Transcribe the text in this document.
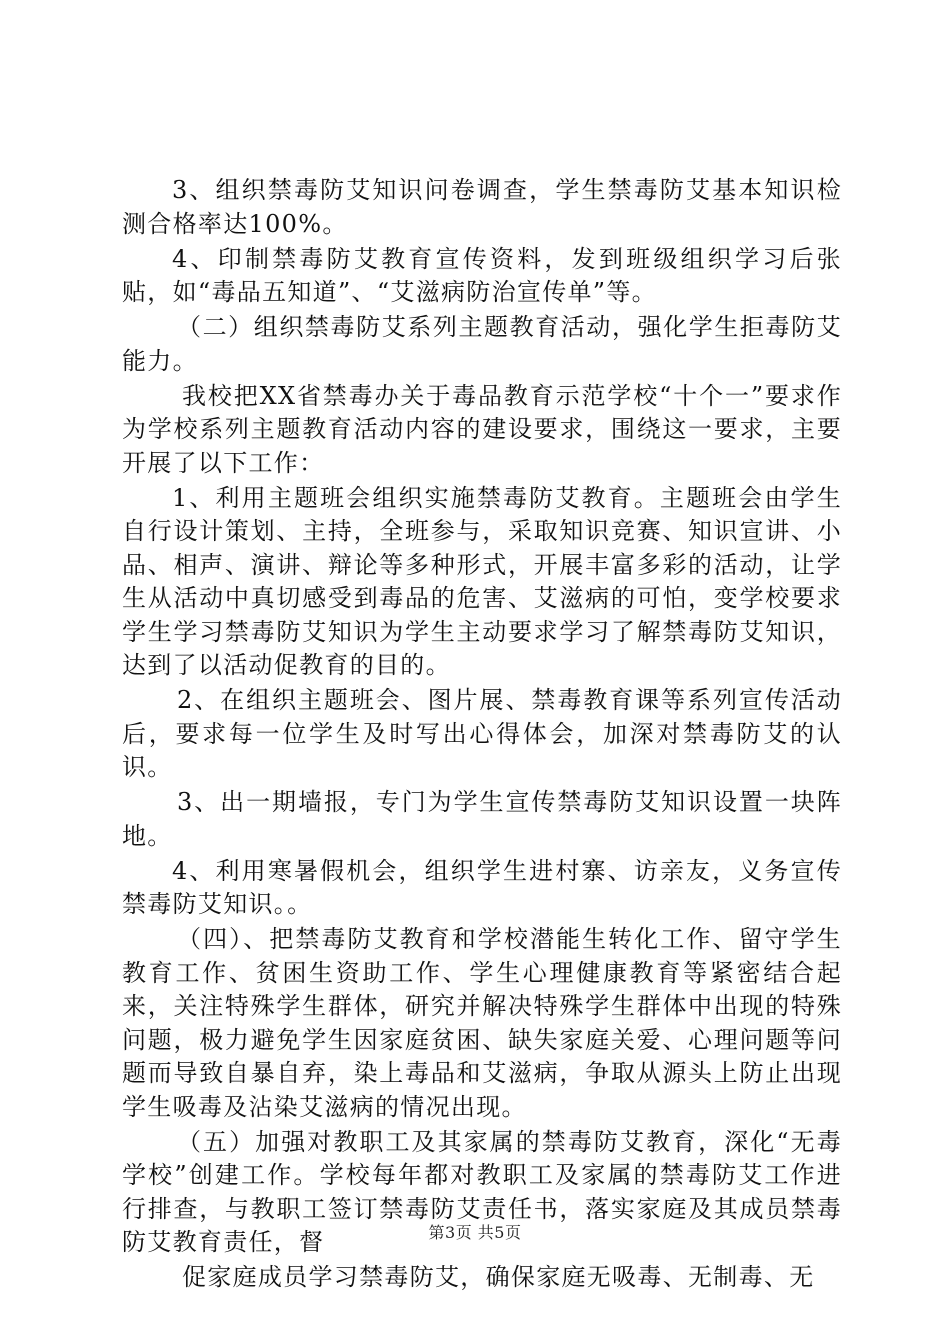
3、组织禁毒防艾知识问卷调查，学生禁毒防艾基本知识检测合格率达100%。

4、印制禁毒防艾教育宣传资料，发到班级组织学习后张贴，如“毒品五知道”、“艾滋病防治宣传单”等。

（二）组织禁毒防艾系列主题教育活动，强化学生拒毒防艾能力。

我校把XX省禁毒办关于毒品教育示范学校“十个一”要求作为学校系列主题教育活动内容的建设要求，围绕这一要求，主要开展了以下工作：

1、利用主题班会组织实施禁毒防艾教育。主题班会由学生自行设计策划、主持，全班参与，采取知识竞赛、知识宣讲、小品、相声、演讲、辩论等多种形式，开展丰富多彩的活动，让学生从活动中真切感受到毒品的危害、艾滋病的可怕，变学校要求学生学习禁毒防艾知识为学生主动要求学习了解禁毒防艾知识，达到了以活动促教育的目的。

2、在组织主题班会、图片展、禁毒教育课等系列宣传活动后，要求每一位学生及时写出心得体会，加深对禁毒防艾的认识。

3、出一期墙报，专门为学生宣传禁毒防艾知识设置一块阵地。

4、利用寒暑假机会，组织学生进村寨、访亲友，义务宣传禁毒防艾知识。。

（四）、把禁毒防艾教育和学校潜能生转化工作、留守学生教育工作、贫困生资助工作、学生心理健康教育等紧密结合起来，关注特殊学生群体，研究并解决特殊学生群体中出现的特殊问题，极力避免学生因家庭贫困、缺失家庭关爱、心理问题等问题而导致自暴自弃，染上毒品和艾滋病，争取从源头上防止出现学生吸毒及沾染艾滋病的情况出现。

（五）加强对教职工及其家属的禁毒防艾教育，深化“无毒学校”创建工作。学校每年都对教职工及家属的禁毒防艾工作进行排查，与教职工签订禁毒防艾责任书，落实家庭及其成员禁毒防艾教育责任，督

促家庭成员学习禁毒防艾，确保家庭无吸毒、无制毒、无

第3页 共5页
